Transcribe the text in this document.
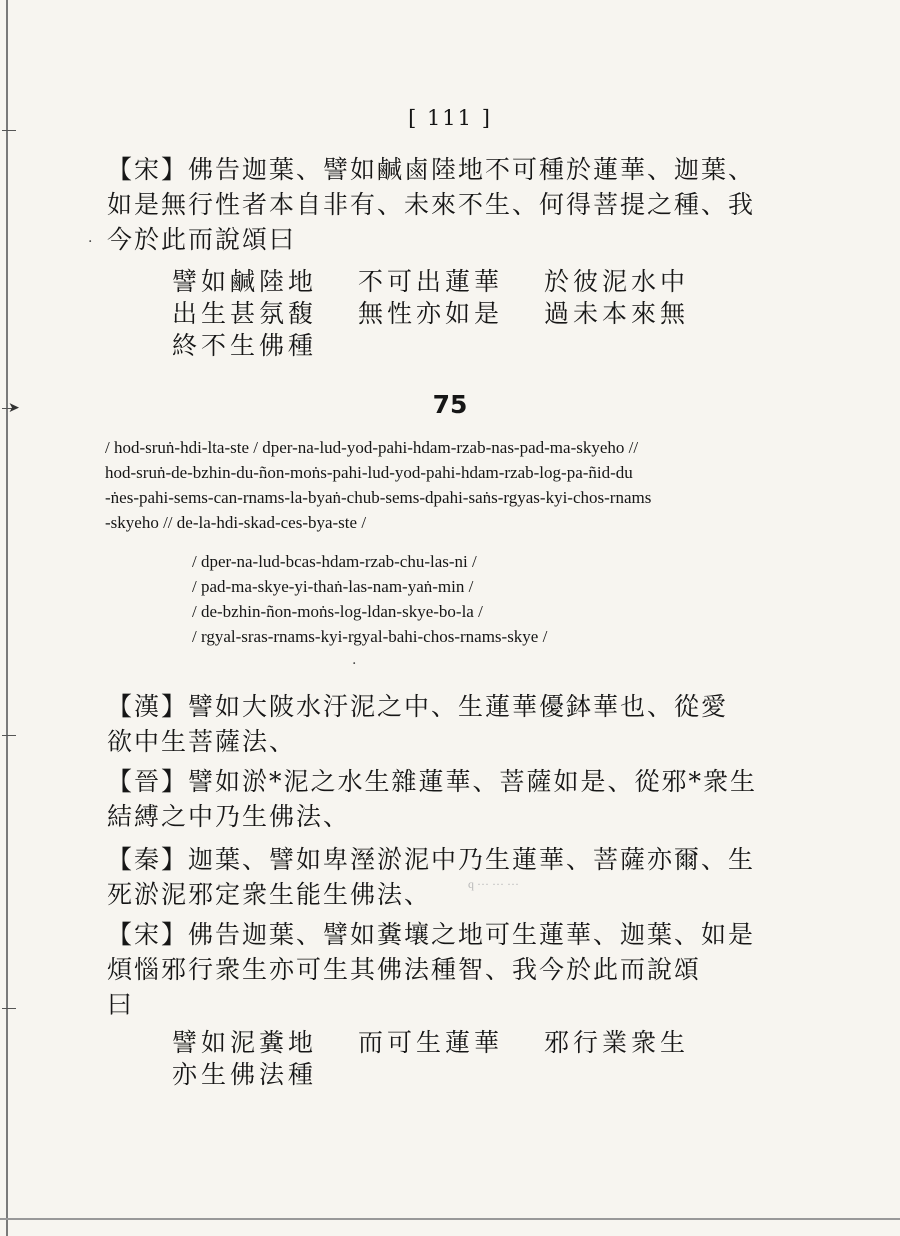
➤
[ 111 ]
【宋】佛告迦葉、譬如鹹鹵陸地不可種於蓮華、迦葉、
如是無行性者本自非有、未來不生、何得菩提之種、我
今於此而說頌曰
·
譬如鹹陸地 不可出蓮華 於彼泥水中
出生甚氛馥 無性亦如是 過未本來無
終不生佛種
75
/ hod-sruṅ-hdi-lta-ste / dper-na-lud-yod-pahi-hdam-rzab-nas-pad-ma-skyeho //
hod-sruṅ-de-bzhin-du-ñon-moṅs-pahi-lud-yod-pahi-hdam-rzab-log-pa-ñid-du
-ṅes-pahi-sems-can-rnams-la-byaṅ-chub-sems-dpahi-saṅs-rgyas-kyi-chos-rnams
-skyeho // de-la-hdi-skad-ces-bya-ste /
/ dper-na-lud-bcas-hdam-rzab-chu-las-ni /
/ pad-ma-skye-yi-thaṅ-las-nam-yaṅ-min /
/ de-bzhin-ñon-moṅs-log-ldan-skye-bo-la /
/ rgyal-sras-rnams-kyi-rgyal-bahi-chos-rnams-skye /
·
【漢】譬如大陂水汙泥之中、生蓮華優鉢華也、從愛
欲中生菩薩法、
【晉】譬如淤*泥之水生雜蓮華、菩薩如是、從邪*衆生
結縛之中乃生佛法、
【秦】迦葉、譬如卑溼淤泥中乃生蓮華、菩薩亦爾、生
死淤泥邪定衆生能生佛法、	q ··· ··· ···
【宋】佛告迦葉、譬如糞壤之地可生蓮華、迦葉、如是
煩惱邪行衆生亦可生其佛法種智、我今於此而說頌
曰
譬如泥糞地 而可生蓮華 邪行業衆生
亦生佛法種
